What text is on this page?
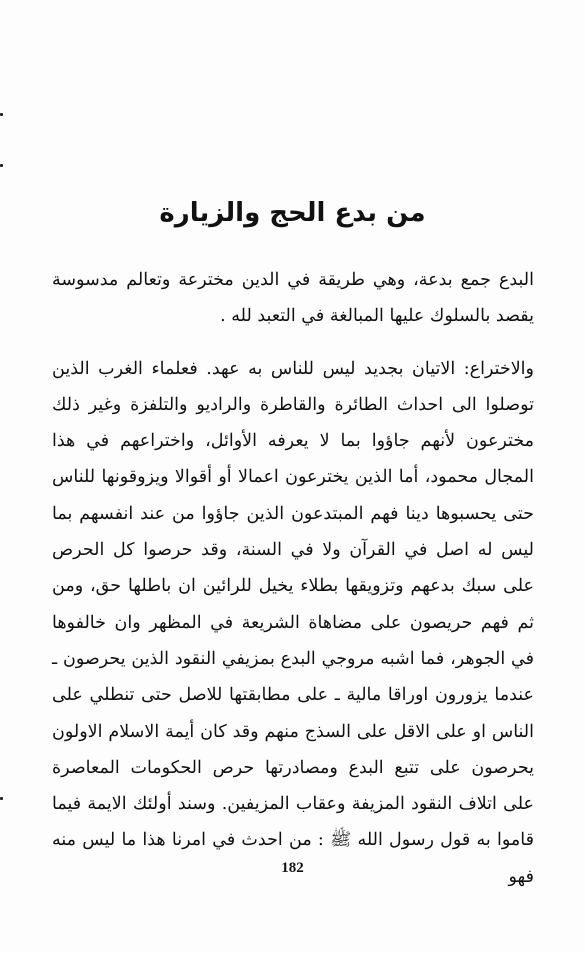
من بدع الحج والزيارة

البدع جمع بدعة، وهي طريقة في الدين مخترعة وتعالم مدسوسة يقصد بالسلوك عليها المبالغة في التعبد لله .

والاختراع: الاتيان بجديد ليس للناس به عهد. فعلماء الغرب الذين توصلوا الى احداث الطائرة والقاطرة والراديو والتلفزة وغير ذلك مخترعون لأنهم جاؤوا بما لا يعرفه الأوائل، واختراعهم في هذا المجال محمود، أما الذين يخترعون اعمالا أو أقوالا ويزوقونها للناس حتى يحسبوها دينا فهم المبتدعون الذين جاؤوا من عند انفسهم بما ليس له اصل في القرآن ولا في السنة، وقد حرصوا كل الحرص على سبك بدعهم وتزويقها بطلاء يخيل للرائين ان باطلها حق، ومن ثم فهم حريصون على مضاهاة الشريعة في المظهر وان خالفوها في الجوهر، فما اشبه مروجي البدع بمزيفي النقود الذين يحرصون ـ عندما يزورون اوراقا مالية ـ على مطابقتها للاصل حتى تنطلي على الناس او على الاقل على السذج منهم وقد كان أيمة الاسلام الاولون يحرصون على تتبع البدع ومصادرتها حرص الحكومات المعاصرة على اتلاف النقود المزيفة وعقاب المزيفين. وسند أولئك الايمة فيما قاموا به قول رسول الله ﷺ : من احدث في امرنا هذا ما ليس منه فهو

182
